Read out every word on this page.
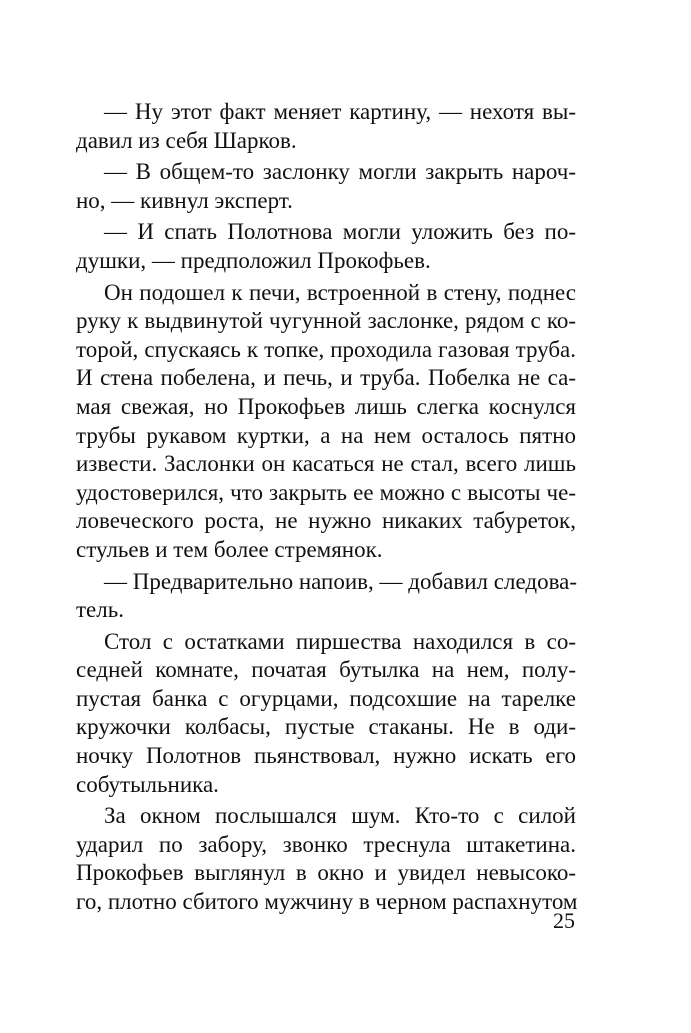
— Ну этот факт меняет картину, — нехотя вы-
давил из себя Шарков.
— В общем-то заслонку могли закрыть нароч-
но, — кивнул эксперт.
— И спать Полотнова могли уложить без по-
душки, — предположил Прокофьев.
Он подошел к печи, встроенной в стену, поднес
руку к выдвинутой чугунной заслонке, рядом с ко-
торой, спускаясь к топке, проходила газовая труба.
И стена побелена, и печь, и труба. Побелка не са-
мая свежая, но Прокофьев лишь слегка коснулся
трубы рукавом куртки, а на нем осталось пятно
извести. Заслонки он касаться не стал, всего лишь
удостоверился, что закрыть ее можно с высоты че-
ловеческого роста, не нужно никаких табуреток,
стульев и тем более стремянок.
— Предварительно напоив, — добавил следова-
тель.
Стол с остатками пиршества находился в со-
седней комнате, початая бутылка на нем, полу-
пустая банка с огурцами, подсохшие на тарелке
кружочки колбасы, пустые стаканы. Не в оди-
ночку Полотнов пьянствовал, нужно искать его
собутыльника.
За окном послышался шум. Кто-то с силой
ударил по забору, звонко треснула штакетина.
Прокофьев выглянул в окно и увидел невысоко-
го, плотно сбитого мужчину в черном распахнутом
25
